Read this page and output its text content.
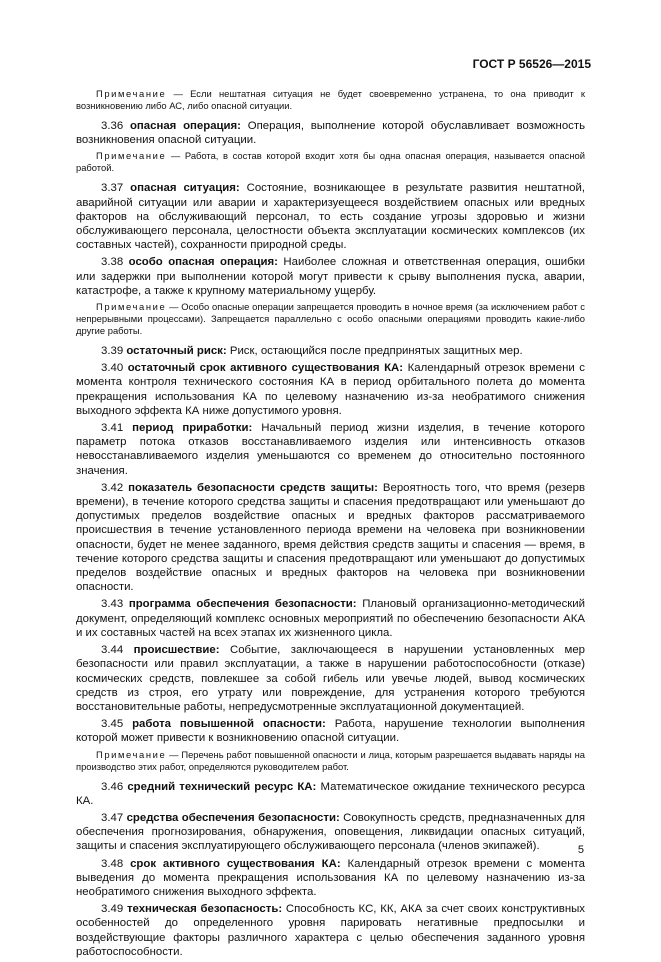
ГОСТ Р 56526—2015

Примечание — Если нештатная ситуация не будет своевременно устранена, то она приводит к возникновению либо АС, либо опасной ситуации.

3.36 опасная операция: Операция, выполнение которой обуславливает возможность возникновения опасной ситуации.

Примечание — Работа, в состав которой входит хотя бы одна опасная операция, называется опасной работой.

3.37 опасная ситуация: Состояние, возникающее в результате развития нештатной, аварийной ситуации или аварии и характеризуещееся воздействием опасных или вредных факторов на обслуживающий персонал, то есть создание угрозы здоровью и жизни обслуживающего персонала, целостности объекта эксплуатации космических комплексов (их составных частей), сохранности природной среды.

3.38 особо опасная операция: Наиболее сложная и ответственная операция, ошибки или задержки при выполнении которой могут привести к срыву выполнения пуска, аварии, катастрофе, а также к крупному материальному ущербу.

Примечание — Особо опасные операции запрещается проводить в ночное время (за исключением работ с непрерывными процессами). Запрещается параллельно с особо опасными операциями проводить какие-либо другие работы.

3.39 остаточный риск: Риск, остающийся после предпринятых защитных мер.

3.40 остаточный срок активного существования КА: Календарный отрезок времени с момента контроля технического состояния КА в период орбитального полета до момента прекращения использования КА по целевому назначению из-за необратимого снижения выходного эффекта КА ниже допустимого уровня.

3.41 период приработки: Начальный период жизни изделия, в течение которого параметр потока отказов восстанавливаемого изделия или интенсивность отказов невосстанавливаемого изделия уменьшаются со временем до относительно постоянного значения.

3.42 показатель безопасности средств защиты: Вероятность того, что время (резерв времени), в течение которого средства защиты и спасения предотвращают или уменьшают до допустимых пределов воздействие опасных и вредных факторов рассматриваемого происшествия в течение установленного периода времени на человека при возникновении опасности, будет не менее заданного, время действия средств защиты и спасения — время, в течение которого средства защиты и спасения предотвращают или уменьшают до допустимых пределов воздействие опасных и вредных факторов на человека при возникновении опасности.

3.43 программа обеспечения безопасности: Плановый организационно-методический документ, определяющий комплекс основных мероприятий по обеспечению безопасности АКА и их составных частей на всех этапах их жизненного цикла.

3.44 происшествие: Событие, заключающееся в нарушении установленных мер безопасности или правил эксплуатации, а также в нарушении работоспособности (отказе) космических средств, повлекшее за собой гибель или увечье людей, вывод космических средств из строя, его утрату или повреждение, для устранения которого требуются восстановительные работы, непредусмотренные эксплуатационной документацией.

3.45 работа повышенной опасности: Работа, нарушение технологии выполнения которой может привести к возникновению опасной ситуации.

Примечание — Перечень работ повышенной опасности и лица, которым разрешается выдавать наряды на производство этих работ, определяются руководителем работ.

3.46 средний технический ресурс КА: Математическое ожидание технического ресурса КА.

3.47 средства обеспечения безопасности: Совокупность средств, предназначенных для обеспечения прогнозирования, обнаружения, оповещения, ликвидации опасных ситуаций, защиты и спасения эксплуатирующего обслуживающего персонала (членов экипажей).

3.48 срок активного существования КА: Календарный отрезок времени с момента выведения до момента прекращения использования КА по целевому назначению из-за необратимого снижения выходного эффекта.

3.49 техническая безопасность: Способность КС, КК, АКА за счет своих конструктивных особенностей до определенного уровня парировать негативные предпосылки и воздействующие факторы различного характера с целью обеспечения заданного уровня работоспособности.

5
